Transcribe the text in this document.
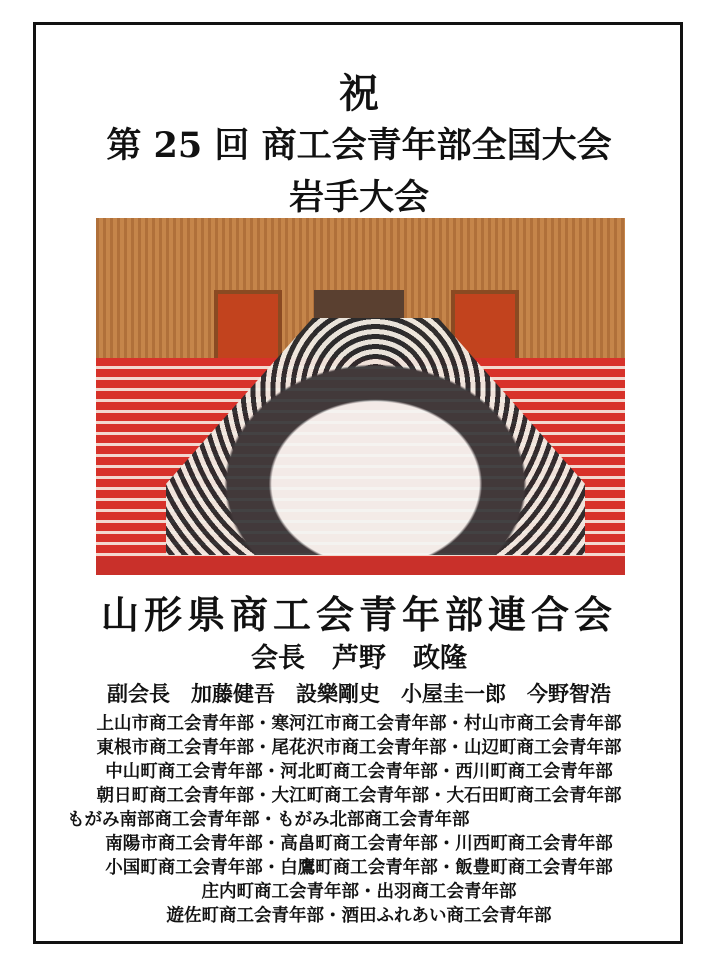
祝
第 25 回 商工会青年部全国大会
岩手大会
山形県商工会青年部連合会
会長　芦野　政隆
副会長　加藤健吾　設樂剛史　小屋圭一郎　今野智浩
上山市商工会青年部・寒河江市商工会青年部・村山市商工会青年部
東根市商工会青年部・尾花沢市商工会青年部・山辺町商工会青年部
中山町商工会青年部・河北町商工会青年部・西川町商工会青年部
朝日町商工会青年部・大江町商工会青年部・大石田町商工会青年部
もがみ南部商工会青年部・もがみ北部商工会青年部
南陽市商工会青年部・高畠町商工会青年部・川西町商工会青年部
小国町商工会青年部・白鷹町商工会青年部・飯豊町商工会青年部
庄内町商工会青年部・出羽商工会青年部
遊佐町商工会青年部・酒田ふれあい商工会青年部
